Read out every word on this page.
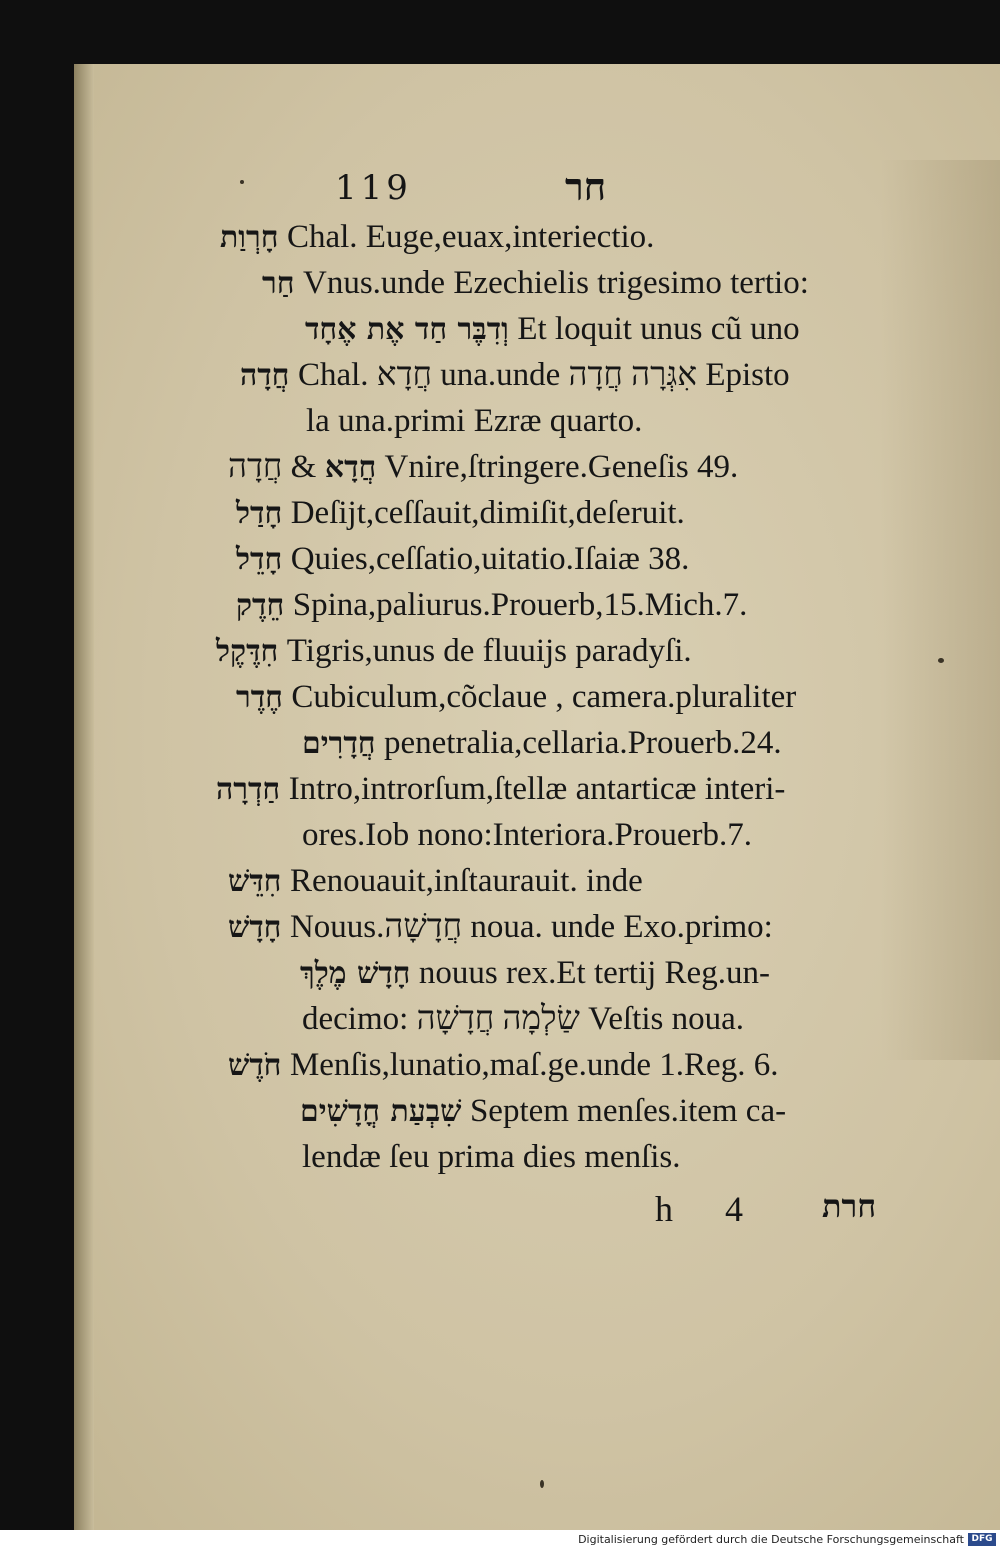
119	חר
חָרְוַת Chal. Euge,euax,interiectio.
חַר Vnus.unde Ezechielis trigesimo tertio:
וְדִבֶּר חַד אֶת אֶחָד Et loquit unus cũ uno
חֲדָה Chal. חֲדָא una.unde אִגְּרָה חֲדָה Episto
la una.primi Ezræ quarto.
חֲדָא & חֲדָה Vnire,ſtringere.Geneſis 49.
חָדַל Deſijt,ceſſauit,dimiſit,deſeruit.
חָדֵל Quies,ceſſatio,uitatio.Iſaiæ 38.
חֵדֶק Spina,paliurus.Prouerb,15.Mich.7.
חִדֶּקֶל Tigris,unus de fluuijs paradyſi.
חֶדֶר Cubiculum,cõclaue , camera.pluraliter
חֲדָרִים penetralia,cellaria.Prouerb.24.
חַדְרָה Intro,introrſum,ſtellæ antarticæ interi-
ores.Iob nono:Interiora.Prouerb.7.
חִדֵּשׁ Renouauit,inſtaurauit. inde
חָדָשׁ Nouus.חֲדָשָׁה noua. unde Exo.primo:
חָדָשׁ מֶלֶךְ nouus rex.Et tertij Reg.un-
decimo: שַׂלְמָה חֲדָשָׁה Veſtis noua.
חֹדֶשׁ Menſis,lunatio,maſ.ge.unde 1.Reg. 6.
שִׁבְעַת חֳדָשִׁים Septem menſes.item ca-
lendæ ſeu prima dies menſis.
h 4 חרת
Digitalisierung gefördert durch die Deutsche Forschungsgemeinschaft DFG
